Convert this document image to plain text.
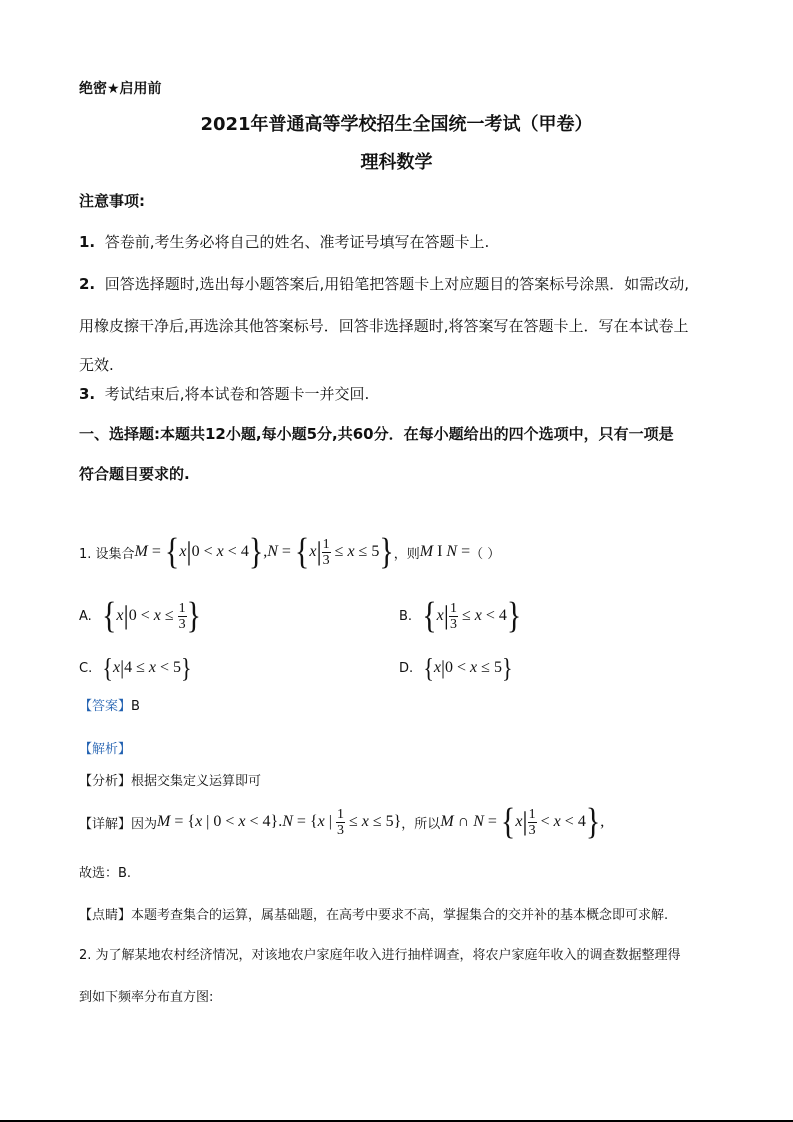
绝密★启用前
2021年普通高等学校招生全国统一考试（甲卷）
理科数学
注意事项:
1. 答卷前,考生务必将自己的姓名、准考证号填写在答题卡上.
2. 回答选择题时,选出每小题答案后,用铅笔把答题卡上对应题目的答案标号涂黑．如需改动,
用橡皮擦干净后,再选涂其他答案标号．回答非选择题时,将答案写在答题卡上．写在本试卷上
无效.
3. 考试结束后,将本试卷和答题卡一并交回.
一、选择题:本题共12小题,每小题5分,共60分．在每小题给出的四个选项中，只有一项是
符合题目要求的.
1. 设集合 M
=
{ x | 0
<
x
<
4 } , N
=
{ x | $\frac{1}{3}$
≤
x
≤
5 } ，则 M
I
N
= （ ）
A.
{ x | 0
<
x
≤
$\frac{1}{3}$ }	B.
{ x | $\frac{1}{3}$
≤
x
<
4 }
C.
{ x | 4
≤
x
<
5 }	D.
{ x | 0
<
x
≤
5 }
【答案】B
【解析】
【分析】根据交集定义运算即可
【详解】因为 M
= { x | 0
<
x
<
4 }. N
= { x | $\frac{1}{3}$
≤
x
≤
5 } ，所以 M
∩
N
=
{ x | $\frac{1}{3}$
<
x
<
4 } ,
故选：B.
【点睛】本题考查集合的运算，属基础题，在高考中要求不高，掌握集合的交并补的基本概念即可求解.
2. 为了解某地农村经济情况，对该地农户家庭年收入进行抽样调查，将农户家庭年收入的调查数据整理得
到如下频率分布直方图:
